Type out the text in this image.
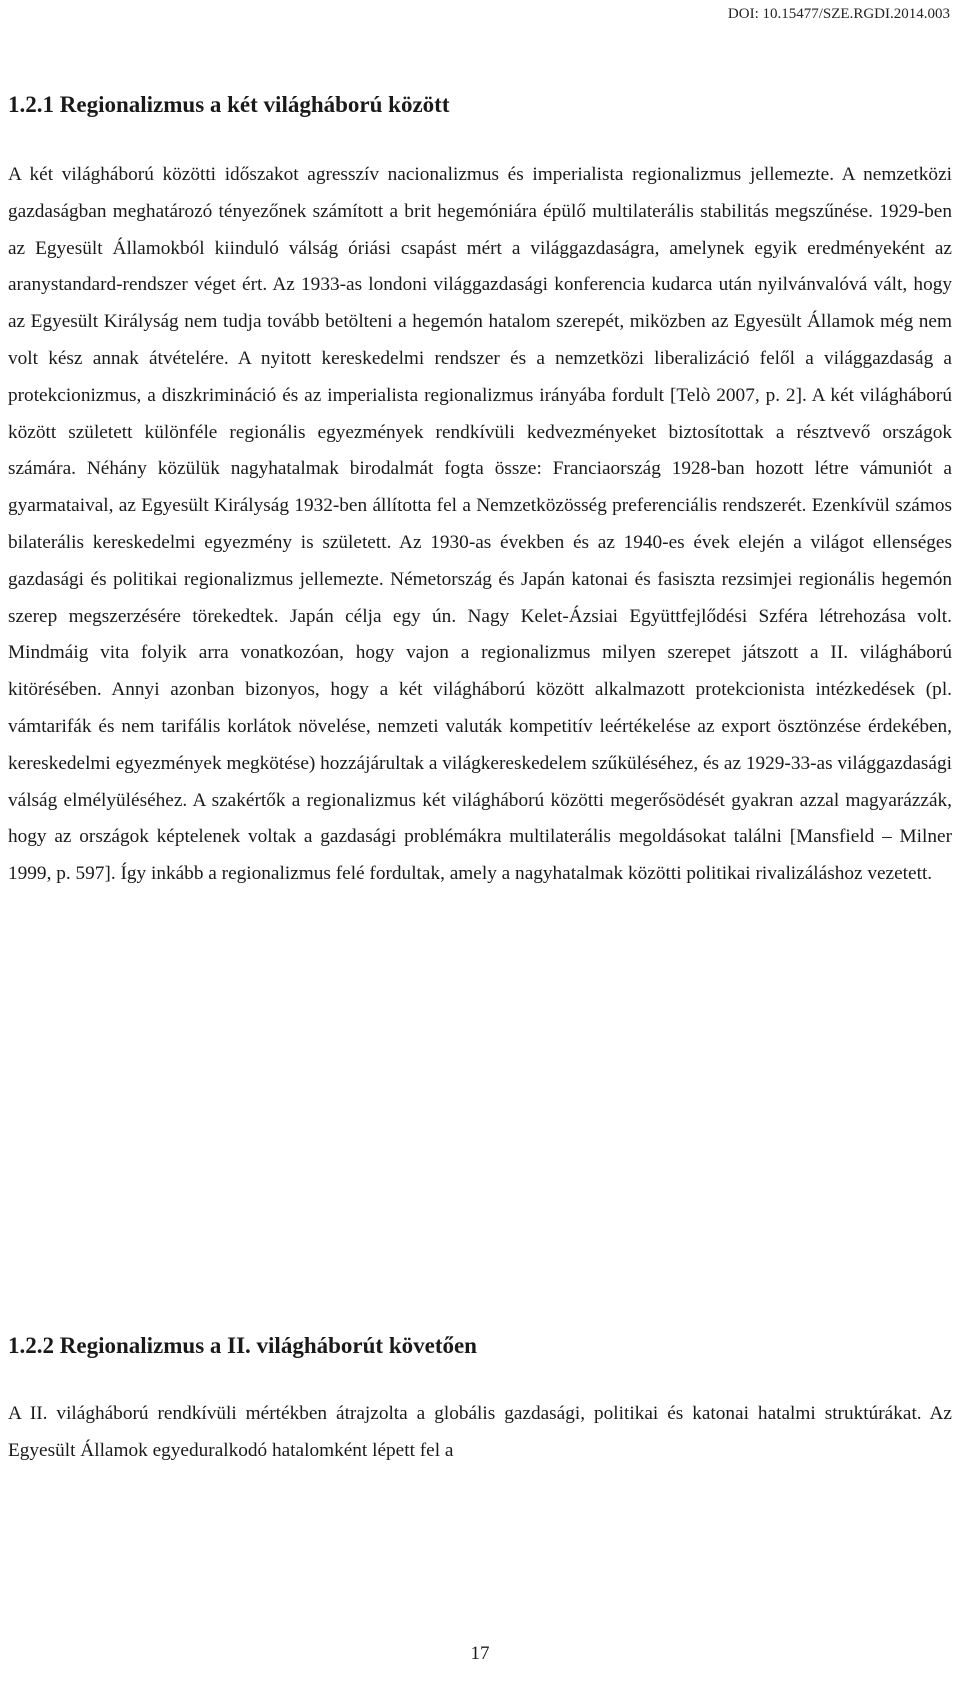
DOI: 10.15477/SZE.RGDI.2014.003
1.2.1 Regionalizmus a két világháború között

A két világháború közötti időszakot agresszív nacionalizmus és imperialista regionalizmus jellemezte. A nemzetközi gazdaságban meghatározó tényezőnek számított a brit hegemóniára épülő multilaterális stabilitás megszűnése. 1929-ben az Egyesült Államokból kiinduló válság óriási csapást mért a világgazdaságra, amelynek egyik eredményeként az aranystandard-rendszer véget ért. Az 1933-as londoni világgazdasági konferencia kudarca után nyilvánvalóvá vált, hogy az Egyesült Királyság nem tudja tovább betölteni a hegemón hatalom szerepét, miközben az Egyesült Államok még nem volt kész annak átvételére. A nyitott kereskedelmi rendszer és a nemzetközi liberalizáció felől a világgazdaság a protekcionizmus, a diszkrimináció és az imperialista regionalizmus irányába fordult [Telò 2007, p. 2]. A két világháború között született különféle regionális egyezmények rendkívüli kedvezményeket biztosítottak a résztvevő országok számára. Néhány közülük nagyhatalmak birodalmát fogta össze: Franciaország 1928-ban hozott létre vámuniót a gyarmataival, az Egyesült Királyság 1932-ben állította fel a Nemzetközösség preferenciális rendszerét. Ezenkívül számos bilaterális kereskedelmi egyezmény is született. Az 1930-as években és az 1940-es évek elején a világot ellenséges gazdasági és politikai regionalizmus jellemezte. Németország és Japán katonai és fasiszta rezsimjei regionális hegemón szerep megszerzésére törekedtek. Japán célja egy ún. Nagy Kelet-Ázsiai Együttfejlődési Szféra létrehozása volt. Mindmáig vita folyik arra vonatkozóan, hogy vajon a regionalizmus milyen szerepet játszott a II. világháború kitörésében. Annyi azonban bizonyos, hogy a két világháború között alkalmazott protekcionista intézkedések (pl. vámtarifák és nem tarifális korlátok növelése, nemzeti valuták kompetitív leértékelése az export ösztönzése érdekében, kereskedelmi egyezmények megkötése) hozzájárultak a világkereskedelem szűküléséhez, és az 1929-33-as világgazdasági válság elmélyüléséhez. A szakértők a regionalizmus két világháború közötti megerősödését gyakran azzal magyarázzák, hogy az országok képtelenek voltak a gazdasági problémákra multilaterális megoldásokat találni [Mansfield – Milner 1999, p. 597]. Így inkább a regionalizmus felé fordultak, amely a nagyhatalmak közötti politikai rivalizáláshoz vezetett.

1.2.2 Regionalizmus a II. világháborút követően

A II. világháború rendkívüli mértékben átrajzolta a globális gazdasági, politikai és katonai hatalmi struktúrákat. Az Egyesült Államok egyeduralkodó hatalomként lépett fel a

17
